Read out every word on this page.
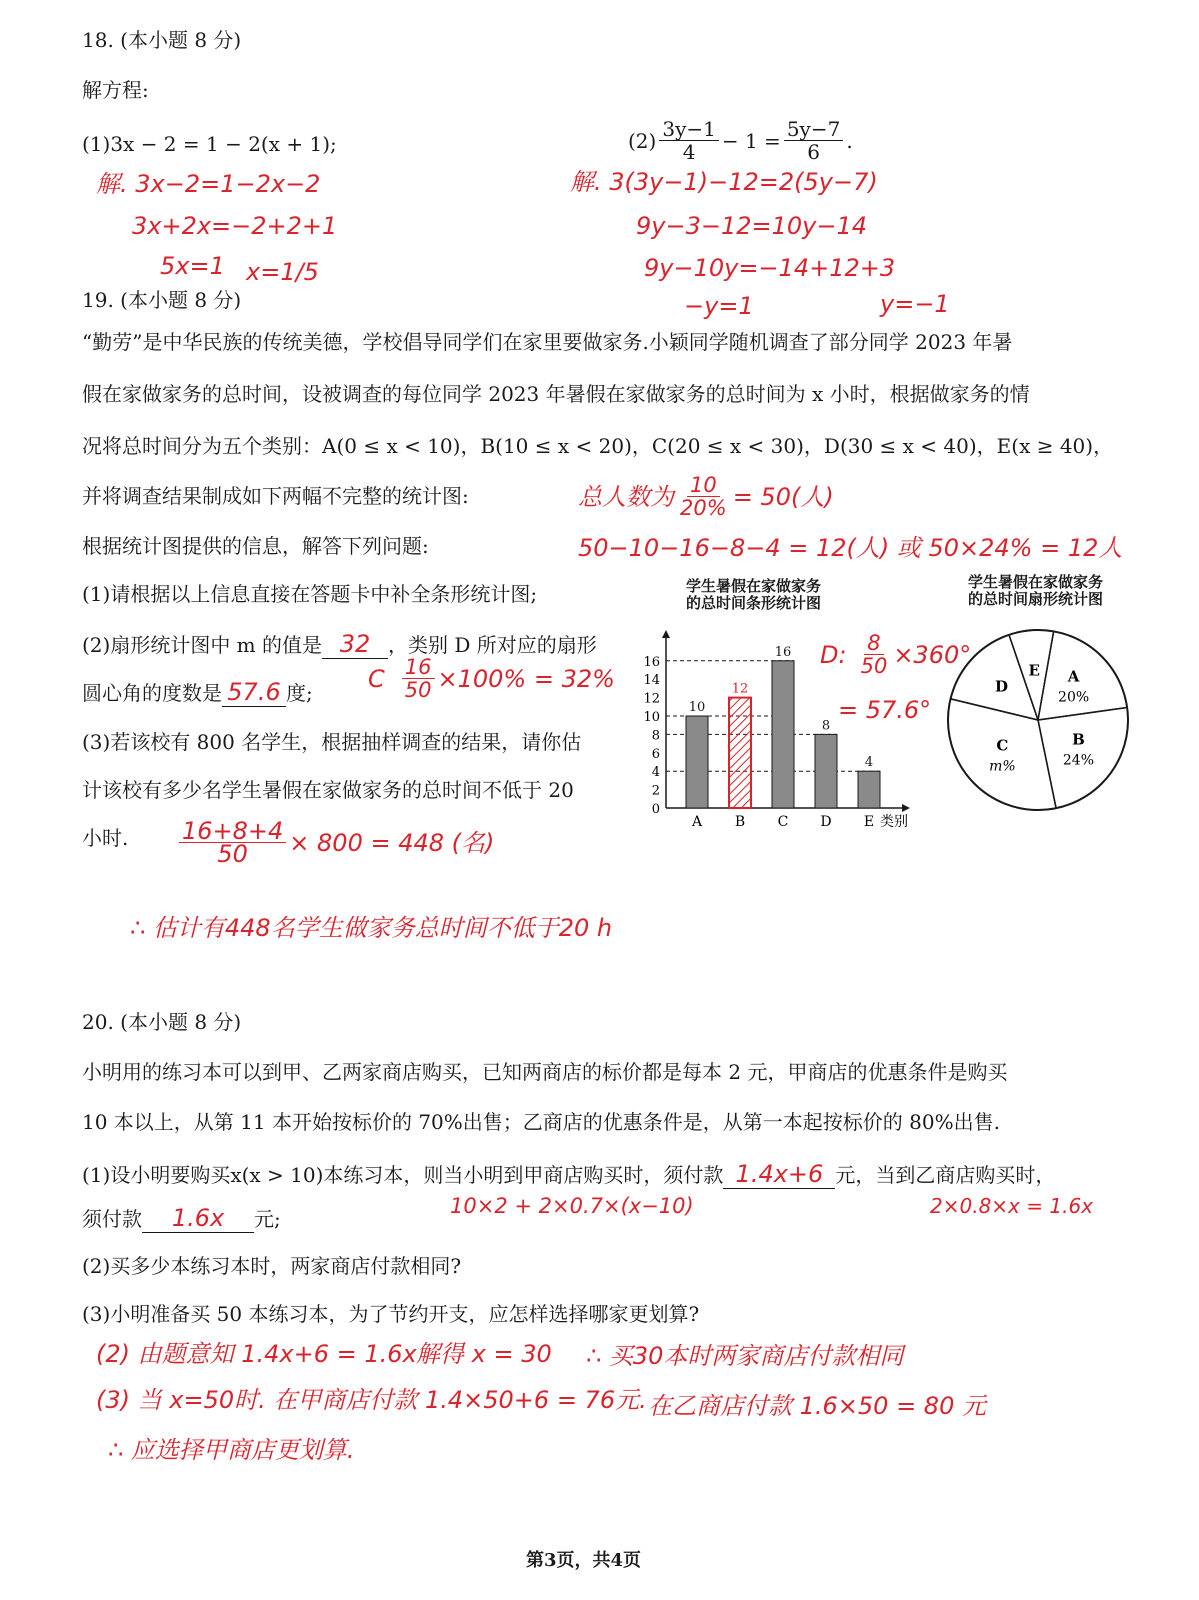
18. (本小题 8 分)
解方程:
(1)3x − 2 = 1 − 2(x + 1);	$(2) \frac{3y-1}{4} - 1 = \frac{5y-7}{6}$ .
解. 3x−2=1−2x−2
3x+2x=−2+2+1
5x=1 x=1/5
解. 3(3y−1)−12=2(5y−7)
9y−3−12=10y−14
9y−10y=−14+12+3
−y=1	y=−1
19. (本小题 8 分)
“勤劳”是中华民族的传统美德，学校倡导同学们在家里要做家务.小颖同学随机调查了部分同学 2023 年暑
假在家做家务的总时间，设被调查的每位同学 2023 年暑假在家做家务的总时间为 x 小时，根据做家务的情
况将总时间分为五个类别：A(0 ≤ x < 10)，B(10 ≤ x < 20)，C(20 ≤ x < 30)，D(30 ≤ x < 40)，E(x ≥ 40)，
并将调查结果制成如下两幅不完整的统计图:
根据统计图提供的信息，解答下列问题:
总人数为 $\frac{10}{20\%} = 50$(人)
50−10−16−8−4 = 12(人) 或 50×24% = 12人
(1)请根据以上信息直接在答题卡中补全条形统计图;
(2)扇形统计图中 m 的值是 32 ，类别 D 所对应的扇形
圆心角的度数是 57.6 度;
C $\frac{16}{50} \times 100\% = 32\%$
(3)若该校有 800 名学生，根据抽样调查的结果，请你估
计该校有多少名学生暑假在家做家务的总时间不低于 20
小时. $\frac{16+8+4}{50} \times 800 = 448$ (名)
∴ 估计有448名学生做家务总时间不低于20 h
D: $\frac{8}{50} \times 360^\circ$
= 57.6°
学生暑假在家做家务
的总时间条形统计图
类别
0
2
4
6
8
10
12
14
16
10
A
12
B
16
C
8
D
4
E
学生暑假在家做家务
的总时间扇形统计图
A
20%
B
24%
C
m%
D
E
20. (本小题 8 分)
小明用的练习本可以到甲、乙两家商店购买，已知两商店的标价都是每本 2 元，甲商店的优惠条件是购买
10 本以上，从第 11 本开始按标价的 70%出售；乙商店的优惠条件是，从第一本起按标价的 80%出售.
(1)设小明要购买x(x > 10)本练习本，则当小明到甲商店购买时，须付款 1.4x+6 元，当到乙商店购买时，
须付款 1.6x 元;
10×2 + 2×0.7×(x−10)	2×0.8×x = 1.6x
(2)买多少本练习本时，两家商店付款相同?
(3)小明准备买 50 本练习本，为了节约开支，应怎样选择哪家更划算?
(2) 由题意知 1.4x+6 = 1.6x 解得 x = 30 ∴ 买30本时两家商店付款相同
(3) 当 x=50时. 在甲商店付款 1.4×50+6 = 76元. 在乙商店付款 1.6×50 = 80 元
∴ 应选择甲商店更划算.
第3页，共4页
